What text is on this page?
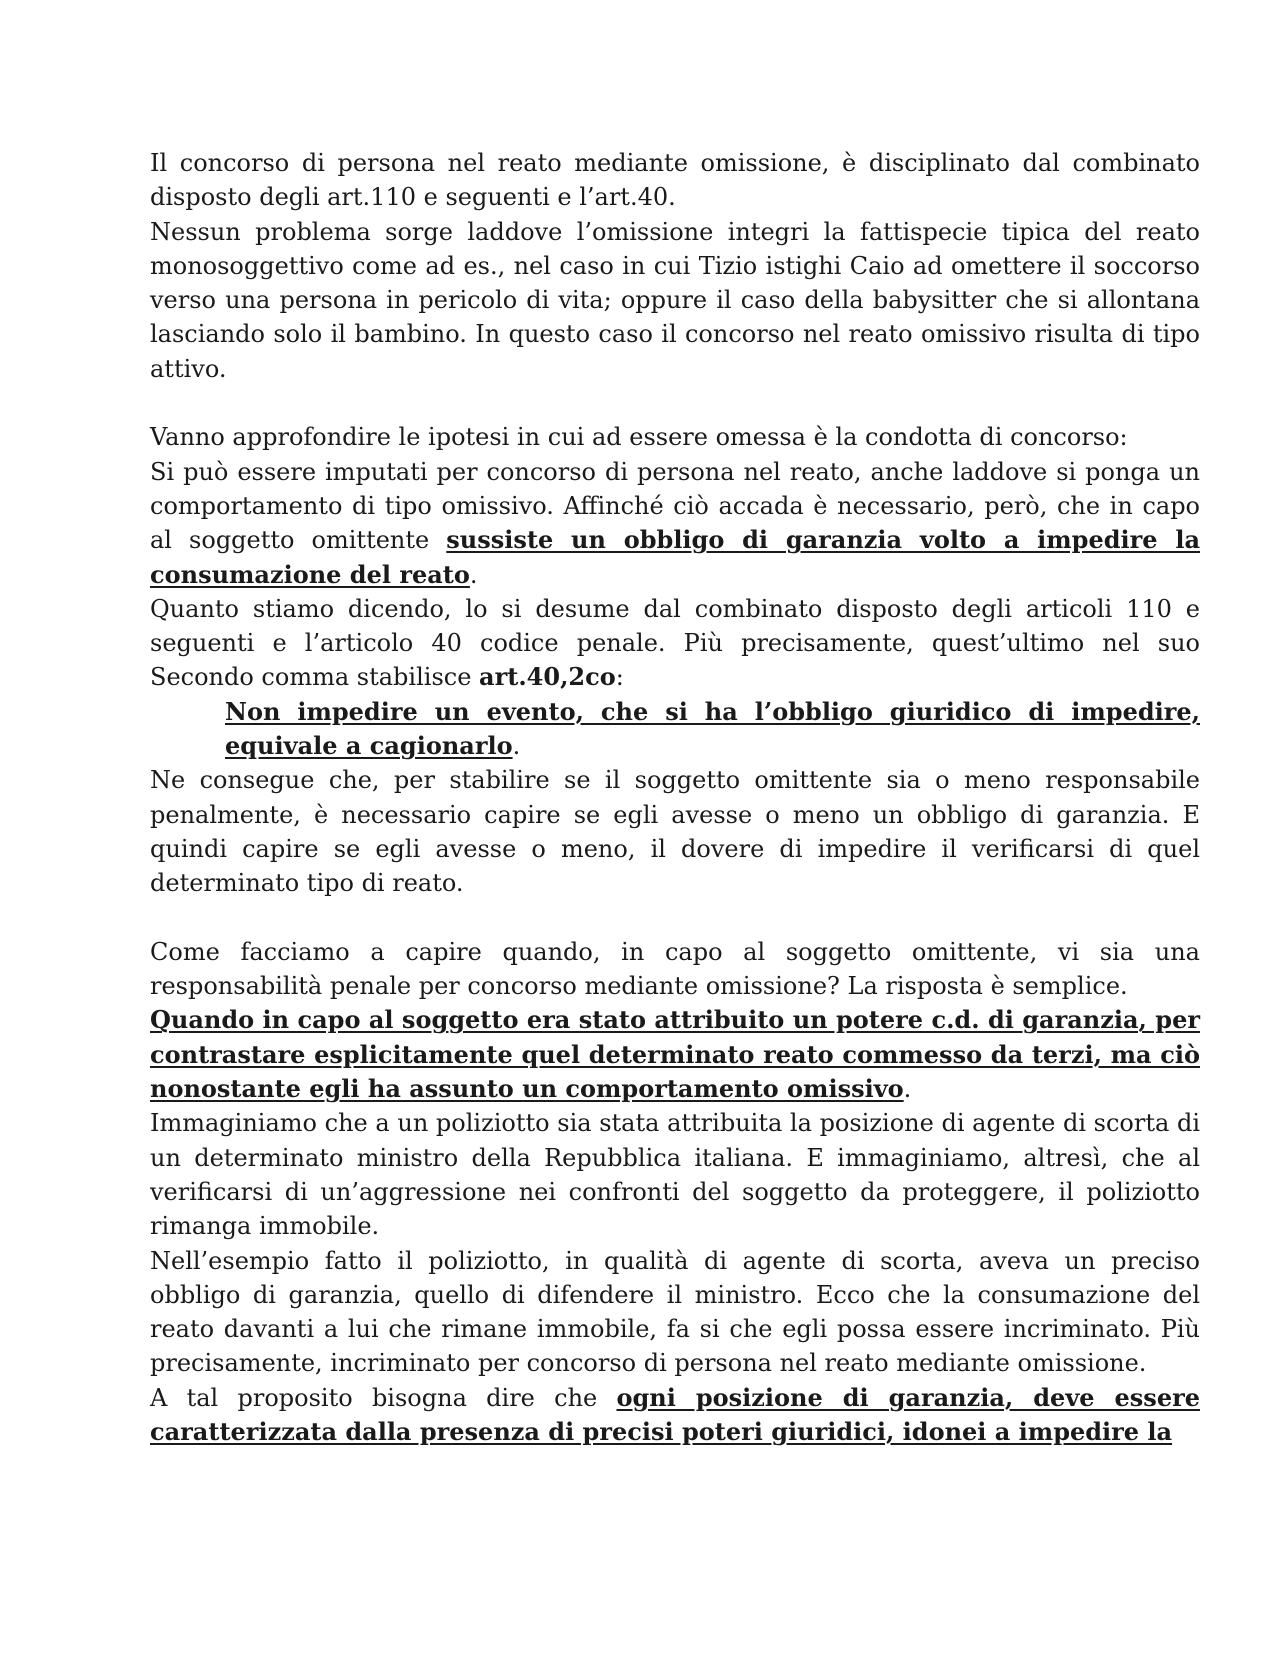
Il concorso di persona nel reato mediante omissione, è disciplinato dal combinato disposto degli art.110 e seguenti e l’art.40.

Nessun problema sorge laddove l’omissione integri la fattispecie tipica del reato monosoggettivo come ad es., nel caso in cui Tizio istighi Caio ad omettere il soccorso verso una persona in pericolo di vita; oppure il caso della babysitter che si allontana lasciando solo il bambino. In questo caso il concorso nel reato omissivo risulta di tipo attivo.

Vanno approfondire le ipotesi in cui ad essere omessa è la condotta di concorso:

Si può essere imputati per concorso di persona nel reato, anche laddove si ponga un comportamento di tipo omissivo. Affinché ciò accada è necessario, però, che in capo al soggetto omittente sussiste un obbligo di garanzia volto a impedire la consumazione del reato.

Quanto stiamo dicendo, lo si desume dal combinato disposto degli articoli 110 e seguenti e l’articolo 40 codice penale. Più precisamente, quest’ultimo nel suo Secondo comma stabilisce art.40,2co:

Non impedire un evento, che si ha l’obbligo giuridico di impedire, equivale a cagionarlo.

Ne consegue che, per stabilire se il soggetto omittente sia o meno responsabile penalmente, è necessario capire se egli avesse o meno un obbligo di garanzia. E quindi capire se egli avesse o meno, il dovere di impedire il verificarsi di quel determinato tipo di reato.

Come facciamo a capire quando, in capo al soggetto omittente, vi sia una responsabilità penale per concorso mediante omissione? La risposta è semplice.

Quando in capo al soggetto era stato attribuito un potere c.d. di garanzia, per contrastare esplicitamente quel determinato reato commesso da terzi, ma ciò nonostante egli ha assunto un comportamento omissivo.

Immaginiamo che a un poliziotto sia stata attribuita la posizione di agente di scorta di un determinato ministro della Repubblica italiana. E immaginiamo, altresì, che al verificarsi di un’aggressione nei confronti del soggetto da proteggere, il poliziotto rimanga immobile.

Nell’esempio fatto il poliziotto, in qualità di agente di scorta, aveva un preciso obbligo di garanzia, quello di difendere il ministro. Ecco che la consumazione del reato davanti a lui che rimane immobile, fa si che egli possa essere incriminato. Più precisamente, incriminato per concorso di persona nel reato mediante omissione.

A tal proposito bisogna dire che ogni posizione di garanzia, deve essere caratterizzata dalla presenza di precisi poteri giuridici, idonei a impedire la
